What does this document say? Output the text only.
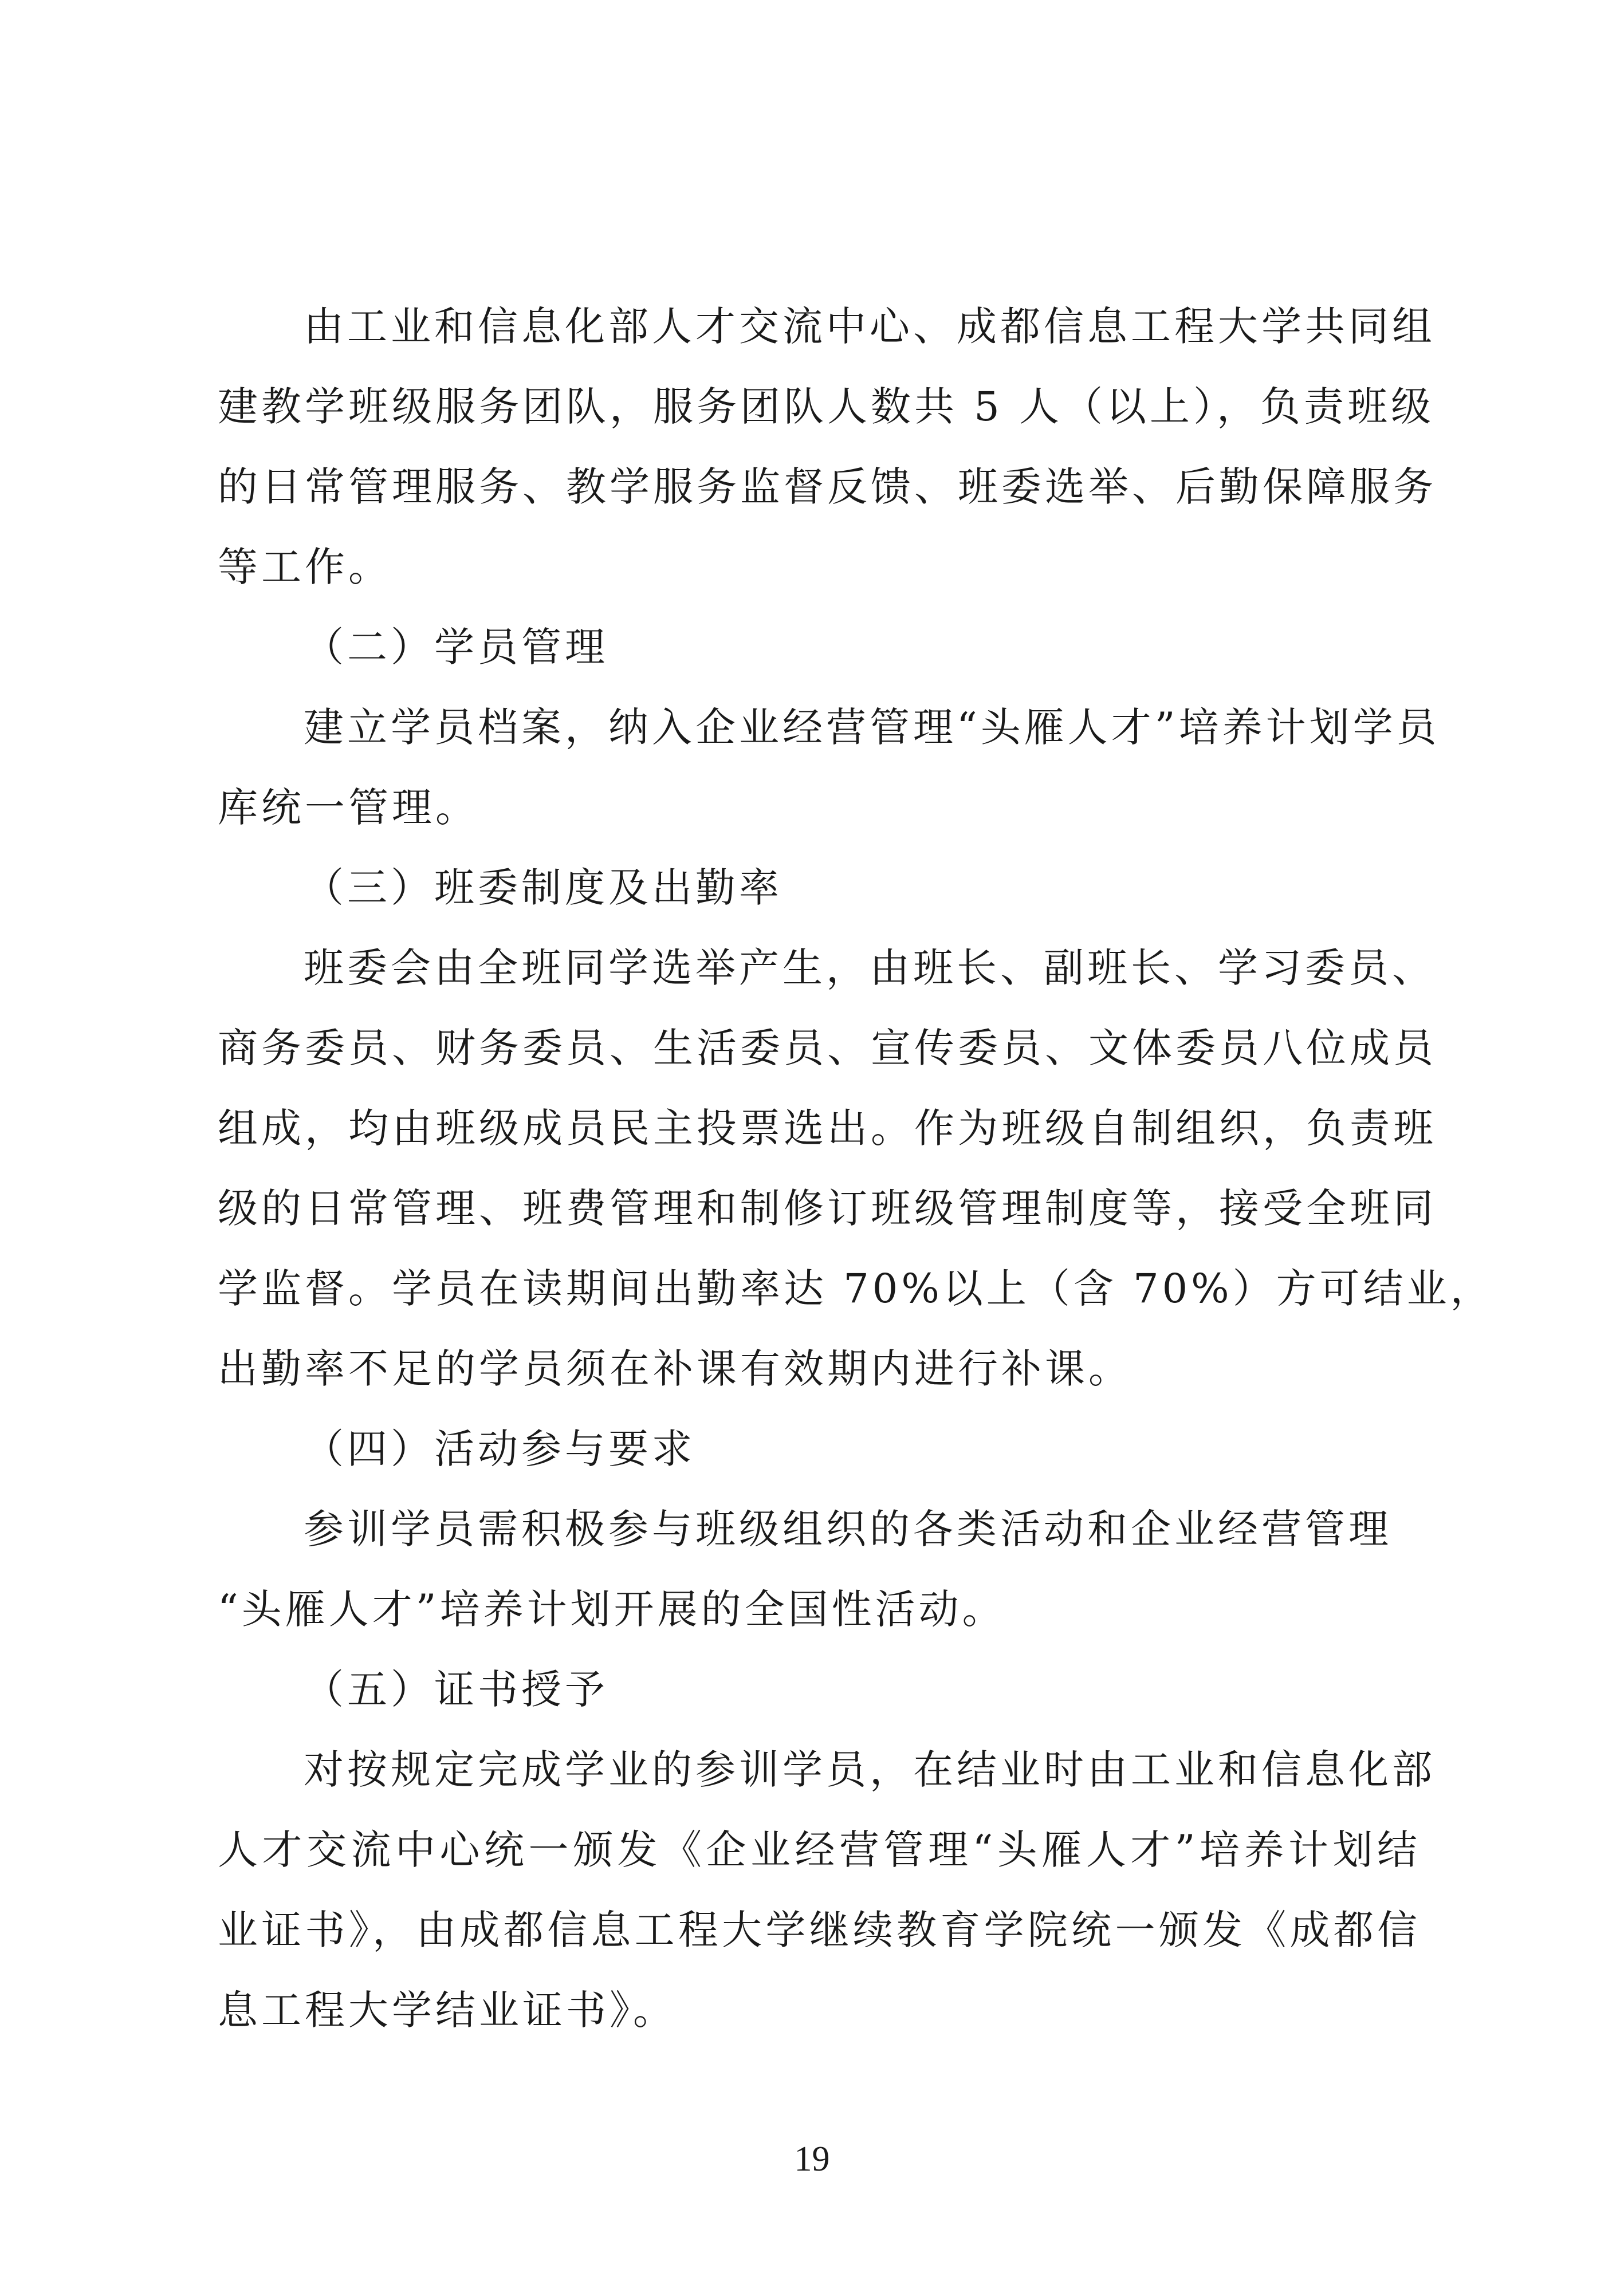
由工业和信息化部人才交流中心、成都信息工程大学共同组
建教学班级服务团队，服务团队人数共 5 人（以上），负责班级
的日常管理服务、教学服务监督反馈、班委选举、后勤保障服务
等工作。
（二）学员管理
建立学员档案，纳入企业经营管理“头雁人才”培养计划学员
库统一管理。
（三）班委制度及出勤率
班委会由全班同学选举产生，由班长、副班长、学习委员、
商务委员、财务委员、生活委员、宣传委员、文体委员八位成员
组成，均由班级成员民主投票选出。作为班级自制组织，负责班
级的日常管理、班费管理和制修订班级管理制度等，接受全班同
学监督。学员在读期间出勤率达 70%以上（含 70%）方可结业，
出勤率不足的学员须在补课有效期内进行补课。
（四）活动参与要求
参训学员需积极参与班级组织的各类活动和企业经营管理
“头雁人才”培养计划开展的全国性活动。
（五）证书授予
对按规定完成学业的参训学员，在结业时由工业和信息化部
人才交流中心统一颁发《企业经营管理“头雁人才”培养计划结
业证书》，由成都信息工程大学继续教育学院统一颁发《成都信
息工程大学结业证书》。
19
